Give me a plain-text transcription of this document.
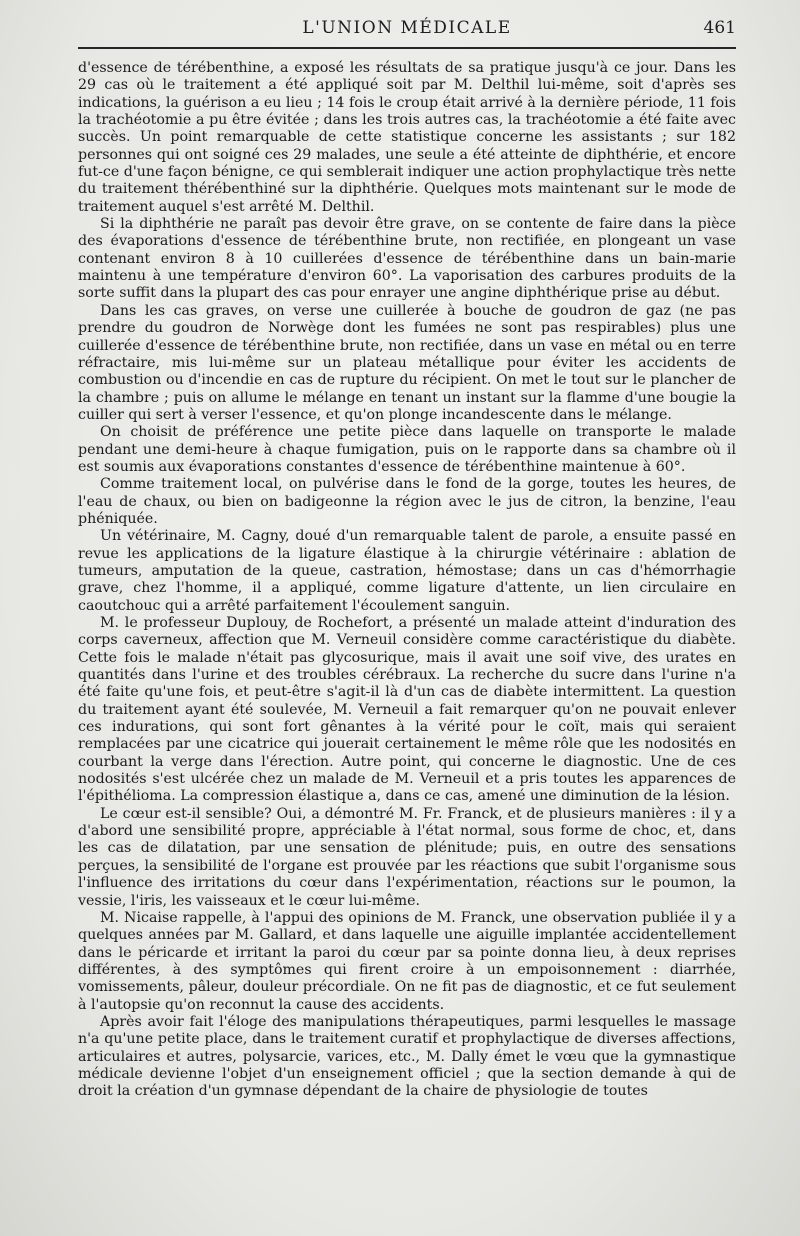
L'UNION MÉDICALE	461

d'essence de térébenthine, a exposé les résultats de sa pratique jusqu'à ce jour. Dans les 29 cas où le traitement a été appliqué soit par M. Delthil lui-même, soit d'après ses indications, la guérison a eu lieu ; 14 fois le croup était arrivé à la dernière période, 11 fois la trachéotomie a pu être évitée ; dans les trois autres cas, la trachéotomie a été faite avec succès. Un point remarquable de cette statistique concerne les assistants ; sur 182 personnes qui ont soigné ces 29 malades, une seule a été atteinte de diphthérie, et encore fut-ce d'une façon bénigne, ce qui semblerait indiquer une action prophylactique très nette du traitement thérébenthiné sur la diphthérie. Quelques mots maintenant sur le mode de traitement auquel s'est arrêté M. Delthil.

Si la diphthérie ne paraît pas devoir être grave, on se contente de faire dans la pièce des évaporations d'essence de térébenthine brute, non rectifiée, en plongeant un vase contenant environ 8 à 10 cuillerées d'essence de térébenthine dans un bain-marie maintenu à une température d'environ 60°. La vaporisation des carbures produits de la sorte suffit dans la plupart des cas pour enrayer une angine diphthérique prise au début.

Dans les cas graves, on verse une cuillerée à bouche de goudron de gaz (ne pas prendre du goudron de Norwège dont les fumées ne sont pas respirables) plus une cuillerée d'essence de térébenthine brute, non rectifiée, dans un vase en métal ou en terre réfractaire, mis lui-même sur un plateau métallique pour éviter les accidents de combustion ou d'incendie en cas de rupture du récipient. On met le tout sur le plancher de la chambre ; puis on allume le mélange en tenant un instant sur la flamme d'une bougie la cuiller qui sert à verser l'essence, et qu'on plonge incandescente dans le mélange.

On choisit de préférence une petite pièce dans laquelle on transporte le malade pendant une demi-heure à chaque fumigation, puis on le rapporte dans sa chambre où il est soumis aux évaporations constantes d'essence de térébenthine maintenue à 60°.

Comme traitement local, on pulvérise dans le fond de la gorge, toutes les heures, de l'eau de chaux, ou bien on badigeonne la région avec le jus de citron, la benzine, l'eau phéniquée.

Un vétérinaire, M. Cagny, doué d'un remarquable talent de parole, a ensuite passé en revue les applications de la ligature élastique à la chirurgie vétérinaire : ablation de tumeurs, amputation de la queue, castration, hémostase; dans un cas d'hémorrhagie grave, chez l'homme, il a appliqué, comme ligature d'attente, un lien circulaire en caoutchouc qui a arrêté parfaitement l'écoulement sanguin.

M. le professeur Duplouy, de Rochefort, a présenté un malade atteint d'induration des corps caverneux, affection que M. Verneuil considère comme caractéristique du diabète. Cette fois le malade n'était pas glycosurique, mais il avait une soif vive, des urates en quantités dans l'urine et des troubles cérébraux. La recherche du sucre dans l'urine n'a été faite qu'une fois, et peut-être s'agit-il là d'un cas de diabète intermittent. La question du traitement ayant été soulevée, M. Verneuil a fait remarquer qu'on ne pouvait enlever ces indurations, qui sont fort gênantes à la vérité pour le coït, mais qui seraient remplacées par une cicatrice qui jouerait certainement le même rôle que les nodosités en courbant la verge dans l'érection. Autre point, qui concerne le diagnostic. Une de ces nodosités s'est ulcérée chez un malade de M. Verneuil et a pris toutes les apparences de l'épithélioma. La compression élastique a, dans ce cas, amené une diminution de la lésion.

Le cœur est-il sensible? Oui, a démontré M. Fr. Franck, et de plusieurs manières : il y a d'abord une sensibilité propre, appréciable à l'état normal, sous forme de choc, et, dans les cas de dilatation, par une sensation de plénitude; puis, en outre des sensations perçues, la sensibilité de l'organe est prouvée par les réactions que subit l'organisme sous l'influence des irritations du cœur dans l'expérimentation, réactions sur le poumon, la vessie, l'iris, les vaisseaux et le cœur lui-même.

M. Nicaise rappelle, à l'appui des opinions de M. Franck, une observation publiée il y a quelques années par M. Gallard, et dans laquelle une aiguille implantée accidentellement dans le péricarde et irritant la paroi du cœur par sa pointe donna lieu, à deux reprises différentes, à des symptômes qui firent croire à un empoisonnement : diarrhée, vomissements, pâleur, douleur précordiale. On ne fit pas de diagnostic, et ce fut seulement à l'autopsie qu'on reconnut la cause des accidents.

Après avoir fait l'éloge des manipulations thérapeutiques, parmi lesquelles le massage n'a qu'une petite place, dans le traitement curatif et prophylactique de diverses affections, articulaires et autres, polysarcie, varices, etc., M. Dally émet le vœu que la gymnastique médicale devienne l'objet d'un enseignement officiel ; que la section demande à qui de droit la création d'un gymnase dépendant de la chaire de physiologie de toutes
